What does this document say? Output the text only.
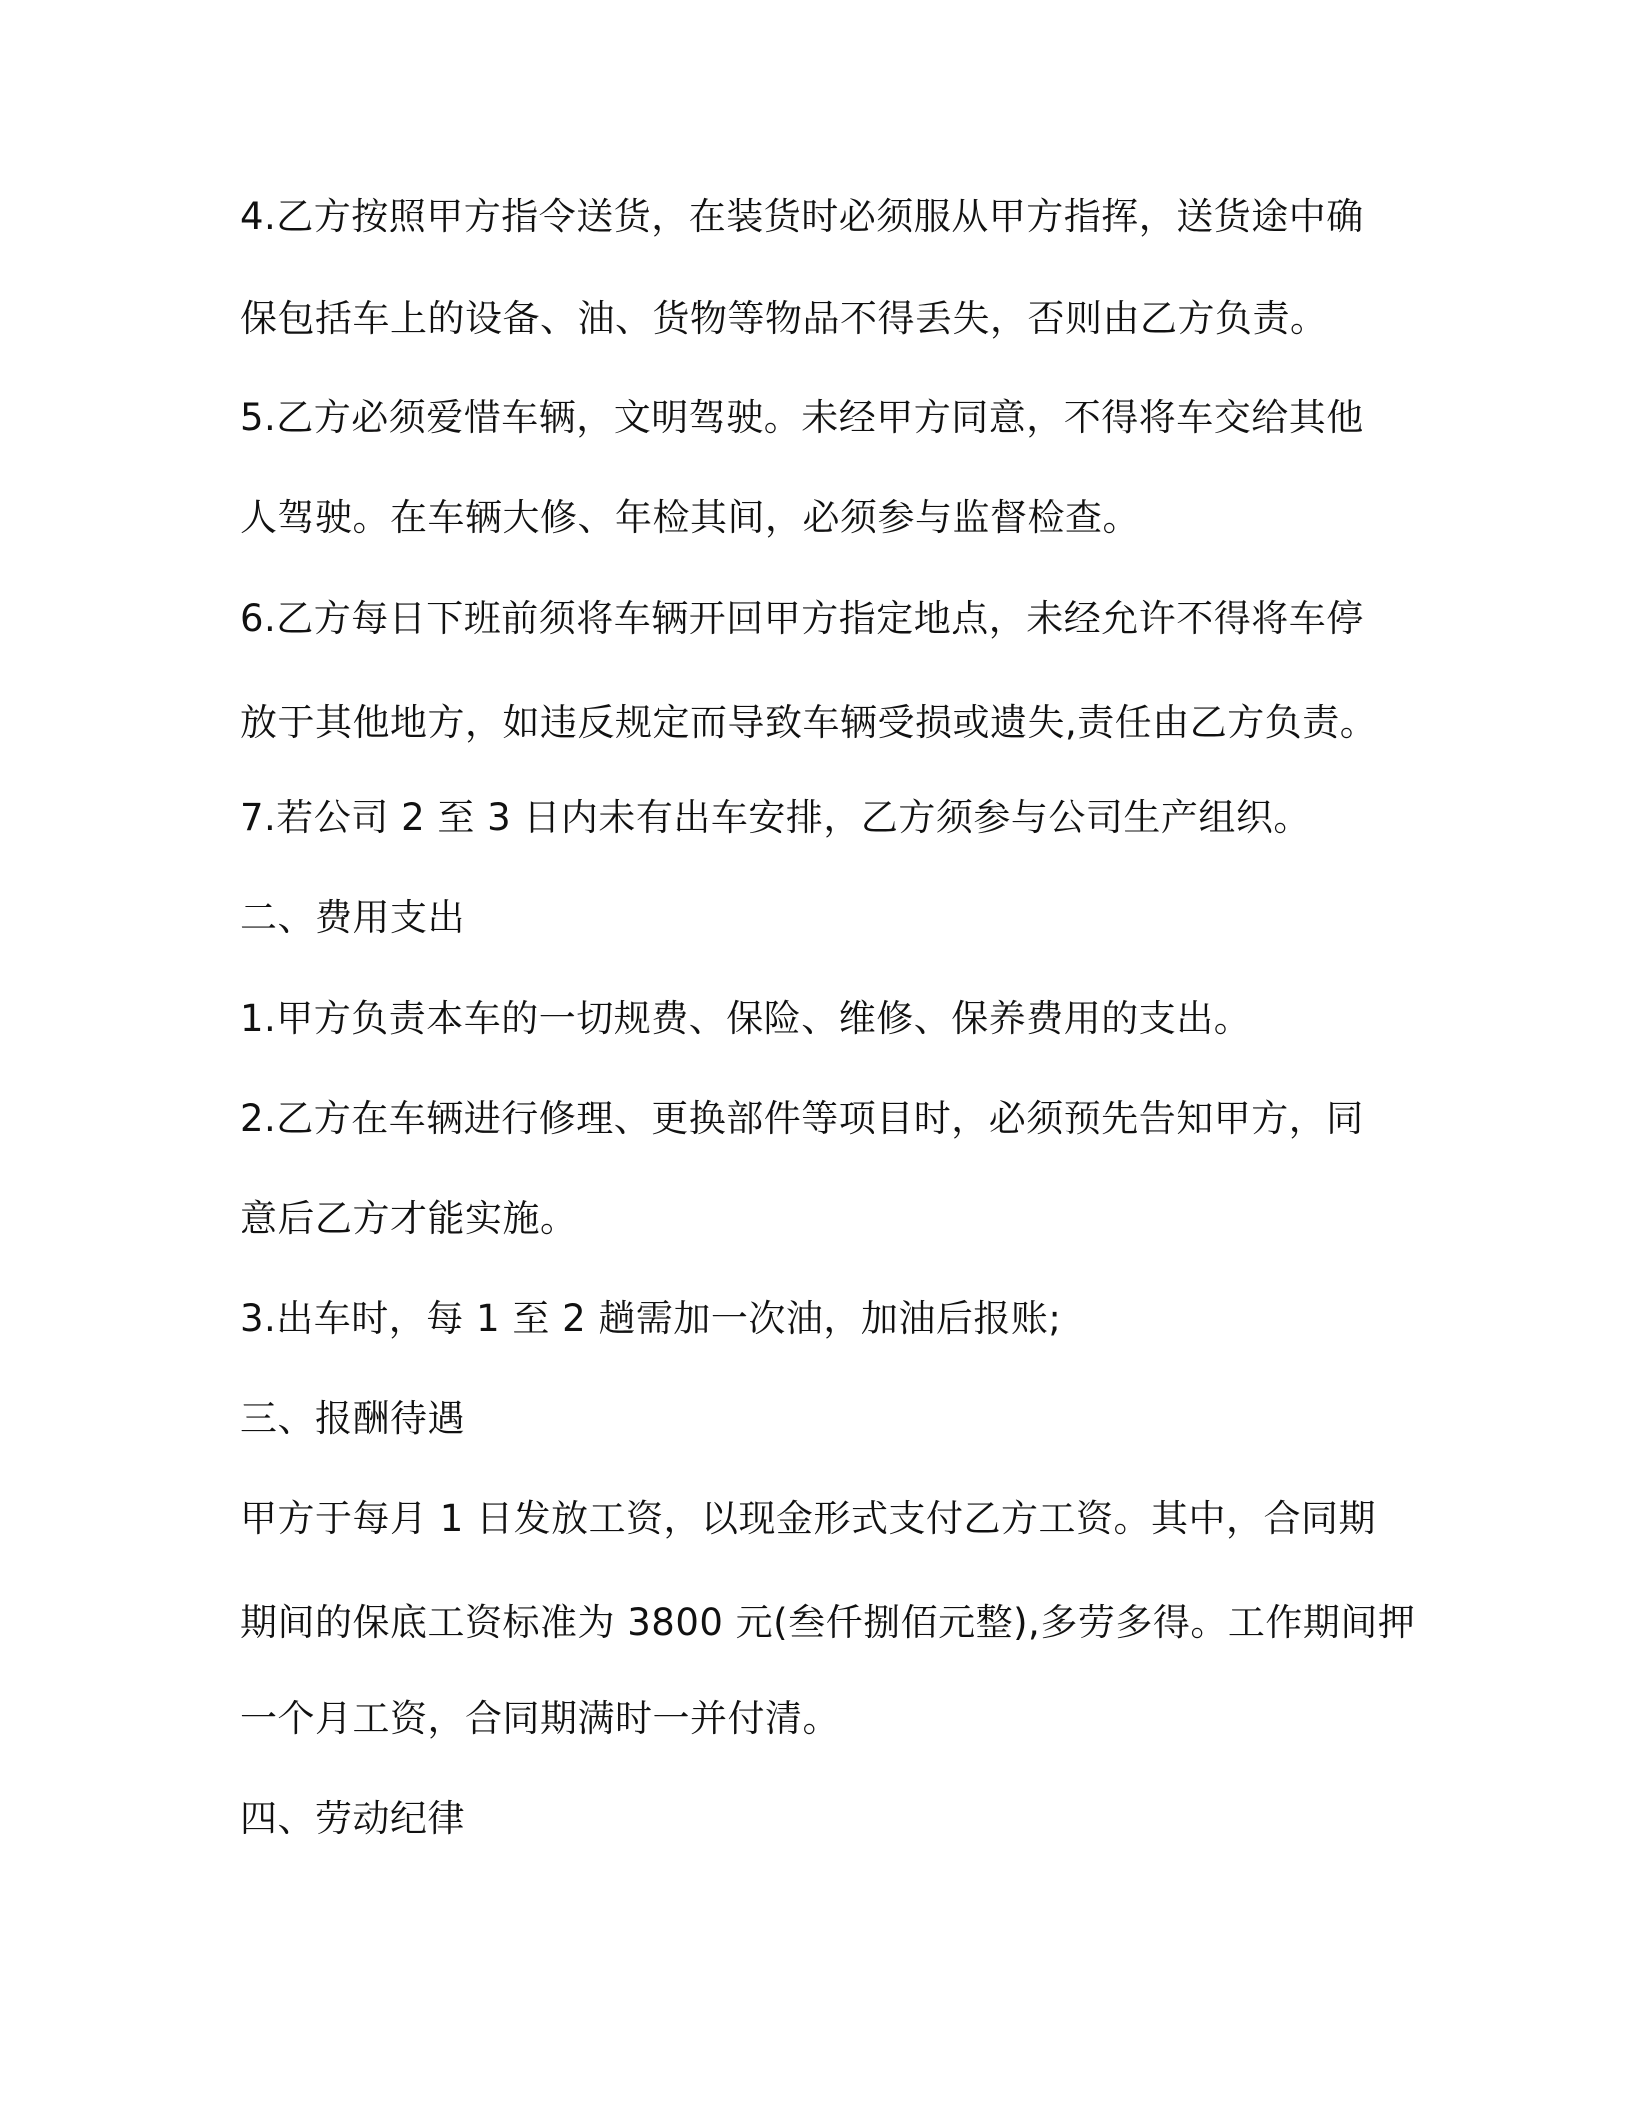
4.乙方按照甲方指令送货，在装货时必须服从甲方指挥，送货途中确
保包括车上的设备、油、货物等物品不得丢失，否则由乙方负责。
5.乙方必须爱惜车辆，文明驾驶。未经甲方同意，不得将车交给其他
人驾驶。在车辆大修、年检其间，必须参与监督检查。
6.乙方每日下班前须将车辆开回甲方指定地点，未经允许不得将车停
放于其他地方，如违反规定而导致车辆受损或遗失,责任由乙方负责。
7.若公司 2 至 3 日内未有出车安排，乙方须参与公司生产组织。
二、费用支出
1.甲方负责本车的一切规费、保险、维修、保养费用的支出。
2.乙方在车辆进行修理、更换部件等项目时，必须预先告知甲方，同
意后乙方才能实施。
3.出车时，每 1 至 2 趟需加一次油，加油后报账;
三、报酬待遇
甲方于每月 1 日发放工资，以现金形式支付乙方工资。其中，合同期
期间的保底工资标准为 3800 元(叁仟捌佰元整),多劳多得。工作期间押
一个月工资，合同期满时一并付清。
四、劳动纪律
